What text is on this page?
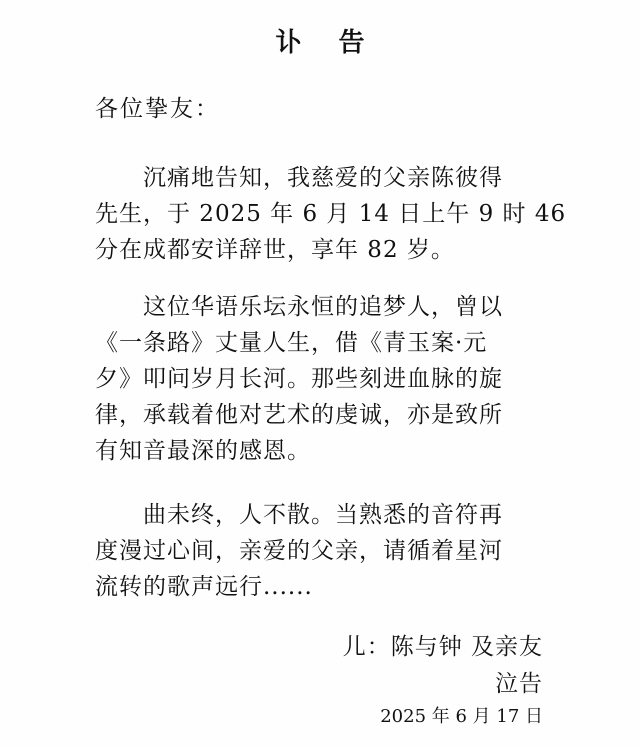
讣 告
各位挚友：
沉痛地告知，我慈爱的父亲陈彼得
先生，于 2025 年 6 月 14 日上午 9 时 46
分在成都安详辞世，享年 82 岁。
这位华语乐坛永恒的追梦人，曾以
《一条路》丈量人生，借《青玉案·元
夕》叩问岁月长河。那些刻进血脉的旋
律，承载着他对艺术的虔诚，亦是致所
有知音最深的感恩。
曲未终，人不散。当熟悉的音符再
度漫过心间，亲爱的父亲，请循着星河
流转的歌声远行......
儿：陈与钟 及亲友
泣告
2025 年 6 月 17 日
